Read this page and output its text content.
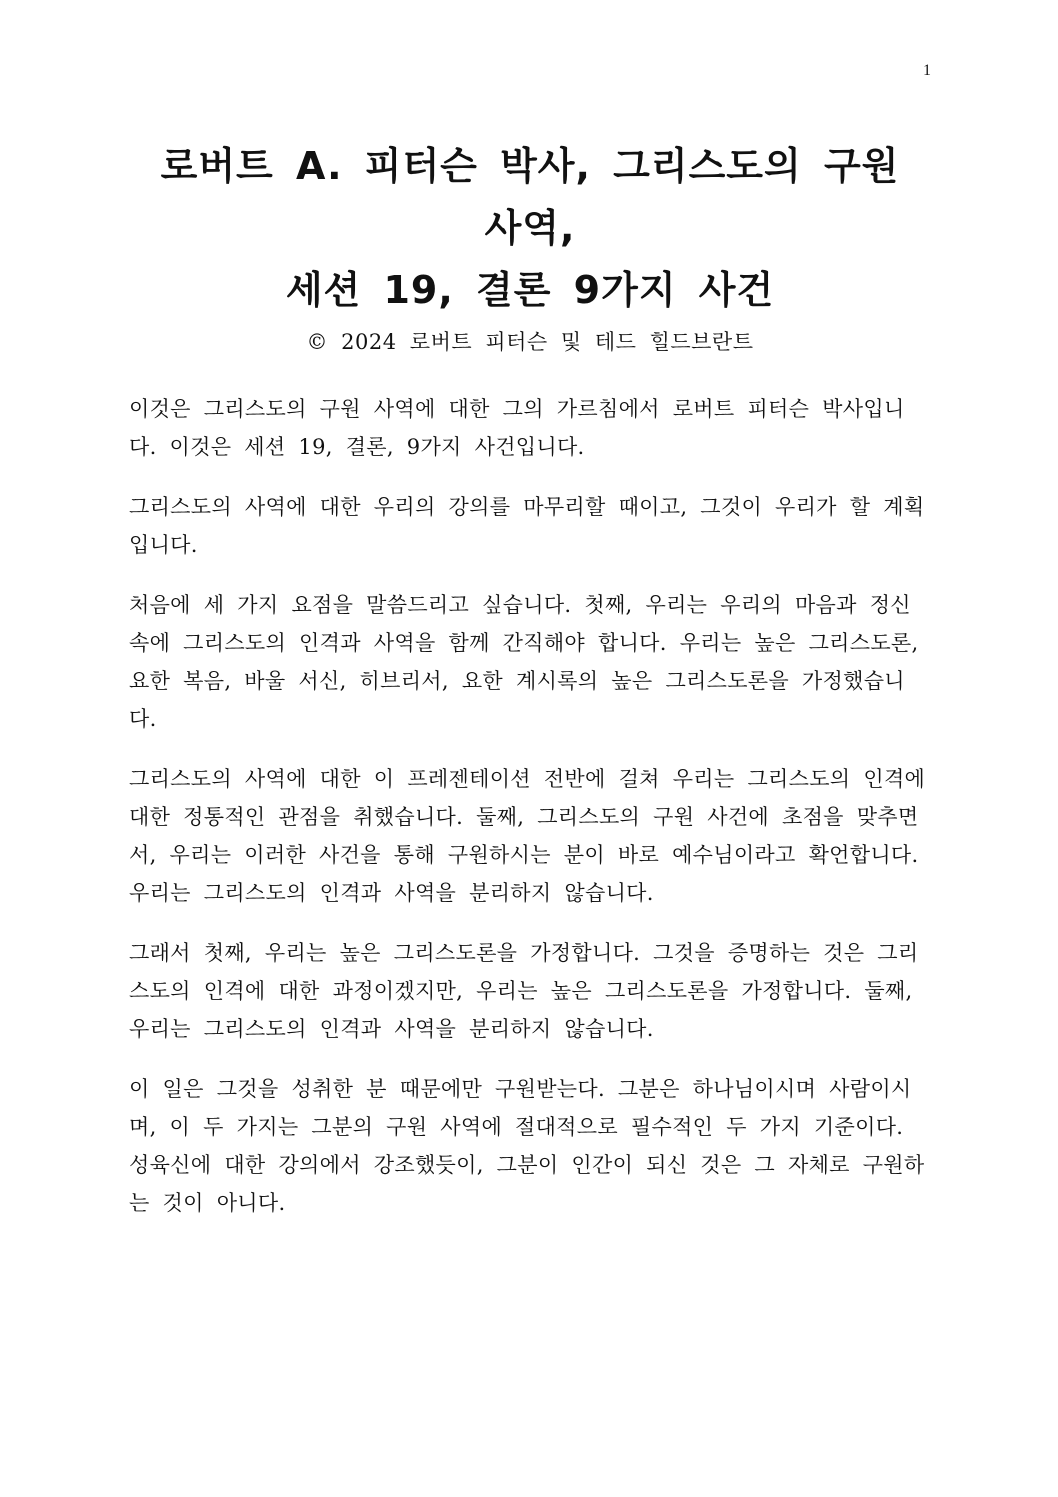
1
로버트 A. 피터슨 박사, 그리스도의 구원
사역,
세션 19, 결론 9가지 사건
© 2024 로버트 피터슨 및 테드 힐드브란트

이것은 그리스도의 구원 사역에 대한 그의 가르침에서 로버트 피터슨 박사입니다. 이것은 세션 19, 결론, 9가지 사건입니다.

그리스도의 사역에 대한 우리의 강의를 마무리할 때이고, 그것이 우리가 할 계획입니다.

처음에 세 가지 요점을 말씀드리고 싶습니다. 첫째, 우리는 우리의 마음과 정신 속에 그리스도의 인격과 사역을 함께 간직해야 합니다. 우리는 높은 그리스도론, 요한 복음, 바울 서신, 히브리서, 요한 계시록의 높은 그리스도론을 가정했습니다.

그리스도의 사역에 대한 이 프레젠테이션 전반에 걸쳐 우리는 그리스도의 인격에 대한 정통적인 관점을 취했습니다. 둘째, 그리스도의 구원 사건에 초점을 맞추면서, 우리는 이러한 사건을 통해 구원하시는 분이 바로 예수님이라고 확언합니다. 우리는 그리스도의 인격과 사역을 분리하지 않습니다.

그래서 첫째, 우리는 높은 그리스도론을 가정합니다. 그것을 증명하는 것은 그리스도의 인격에 대한 과정이겠지만, 우리는 높은 그리스도론을 가정합니다. 둘째, 우리는 그리스도의 인격과 사역을 분리하지 않습니다.

이 일은 그것을 성취한 분 때문에만 구원받는다. 그분은 하나님이시며 사람이시며, 이 두 가지는 그분의 구원 사역에 절대적으로 필수적인 두 가지 기준이다. 성육신에 대한 강의에서 강조했듯이, 그분이 인간이 되신 것은 그 자체로 구원하는 것이 아니다.
